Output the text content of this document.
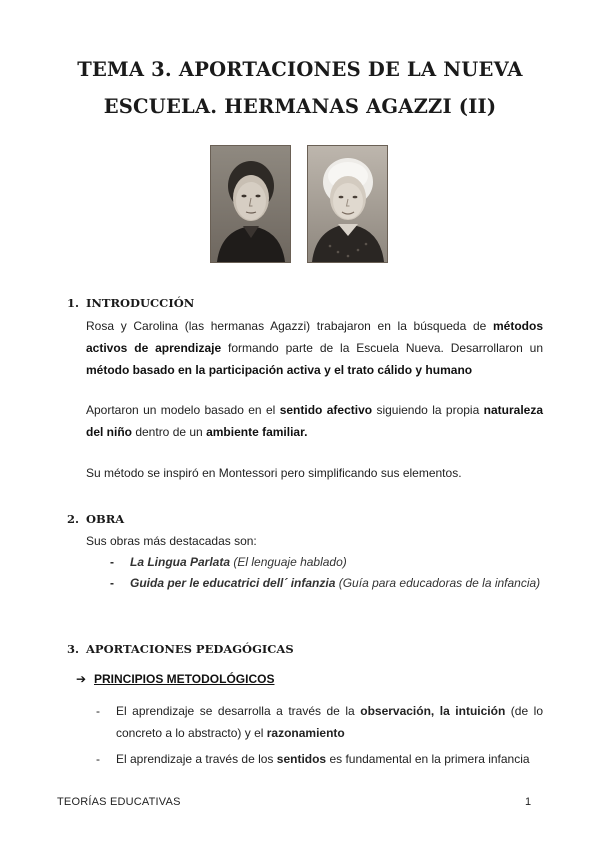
TEMA 3. APORTACIONES DE LA NUEVA
ESCUELA. HERMANAS AGAZZI (II)
1. INTRODUCCIÓN
Rosa y Carolina (las hermanas Agazzi) trabajaron en la búsqueda de métodos activos de aprendizaje formando parte de la Escuela Nueva. Desarrollaron un método basado en la participación activa y el trato cálido y humano
Aportaron un modelo basado en el sentido afectivo siguiendo la propia naturaleza del niño dentro de un ambiente familiar.
Su método se inspiró en Montessori pero simplificando sus elementos.
2. OBRA
Sus obras más destacadas son:
- La Lingua Parlata (El lenguaje hablado)
- Guida per le educatrici dell´ infanzia (Guía para educadoras de la infancia)
3. APORTACIONES PEDAGÓGICAS
➔ PRINCIPIOS METODOLÓGICOS
- El aprendizaje se desarrolla a través de la observación, la intuición (de lo concreto a lo abstracto) y el razonamiento
- El aprendizaje a través de los sentidos es fundamental en la primera infancia
TEORÍAS EDUCATIVAS	1
